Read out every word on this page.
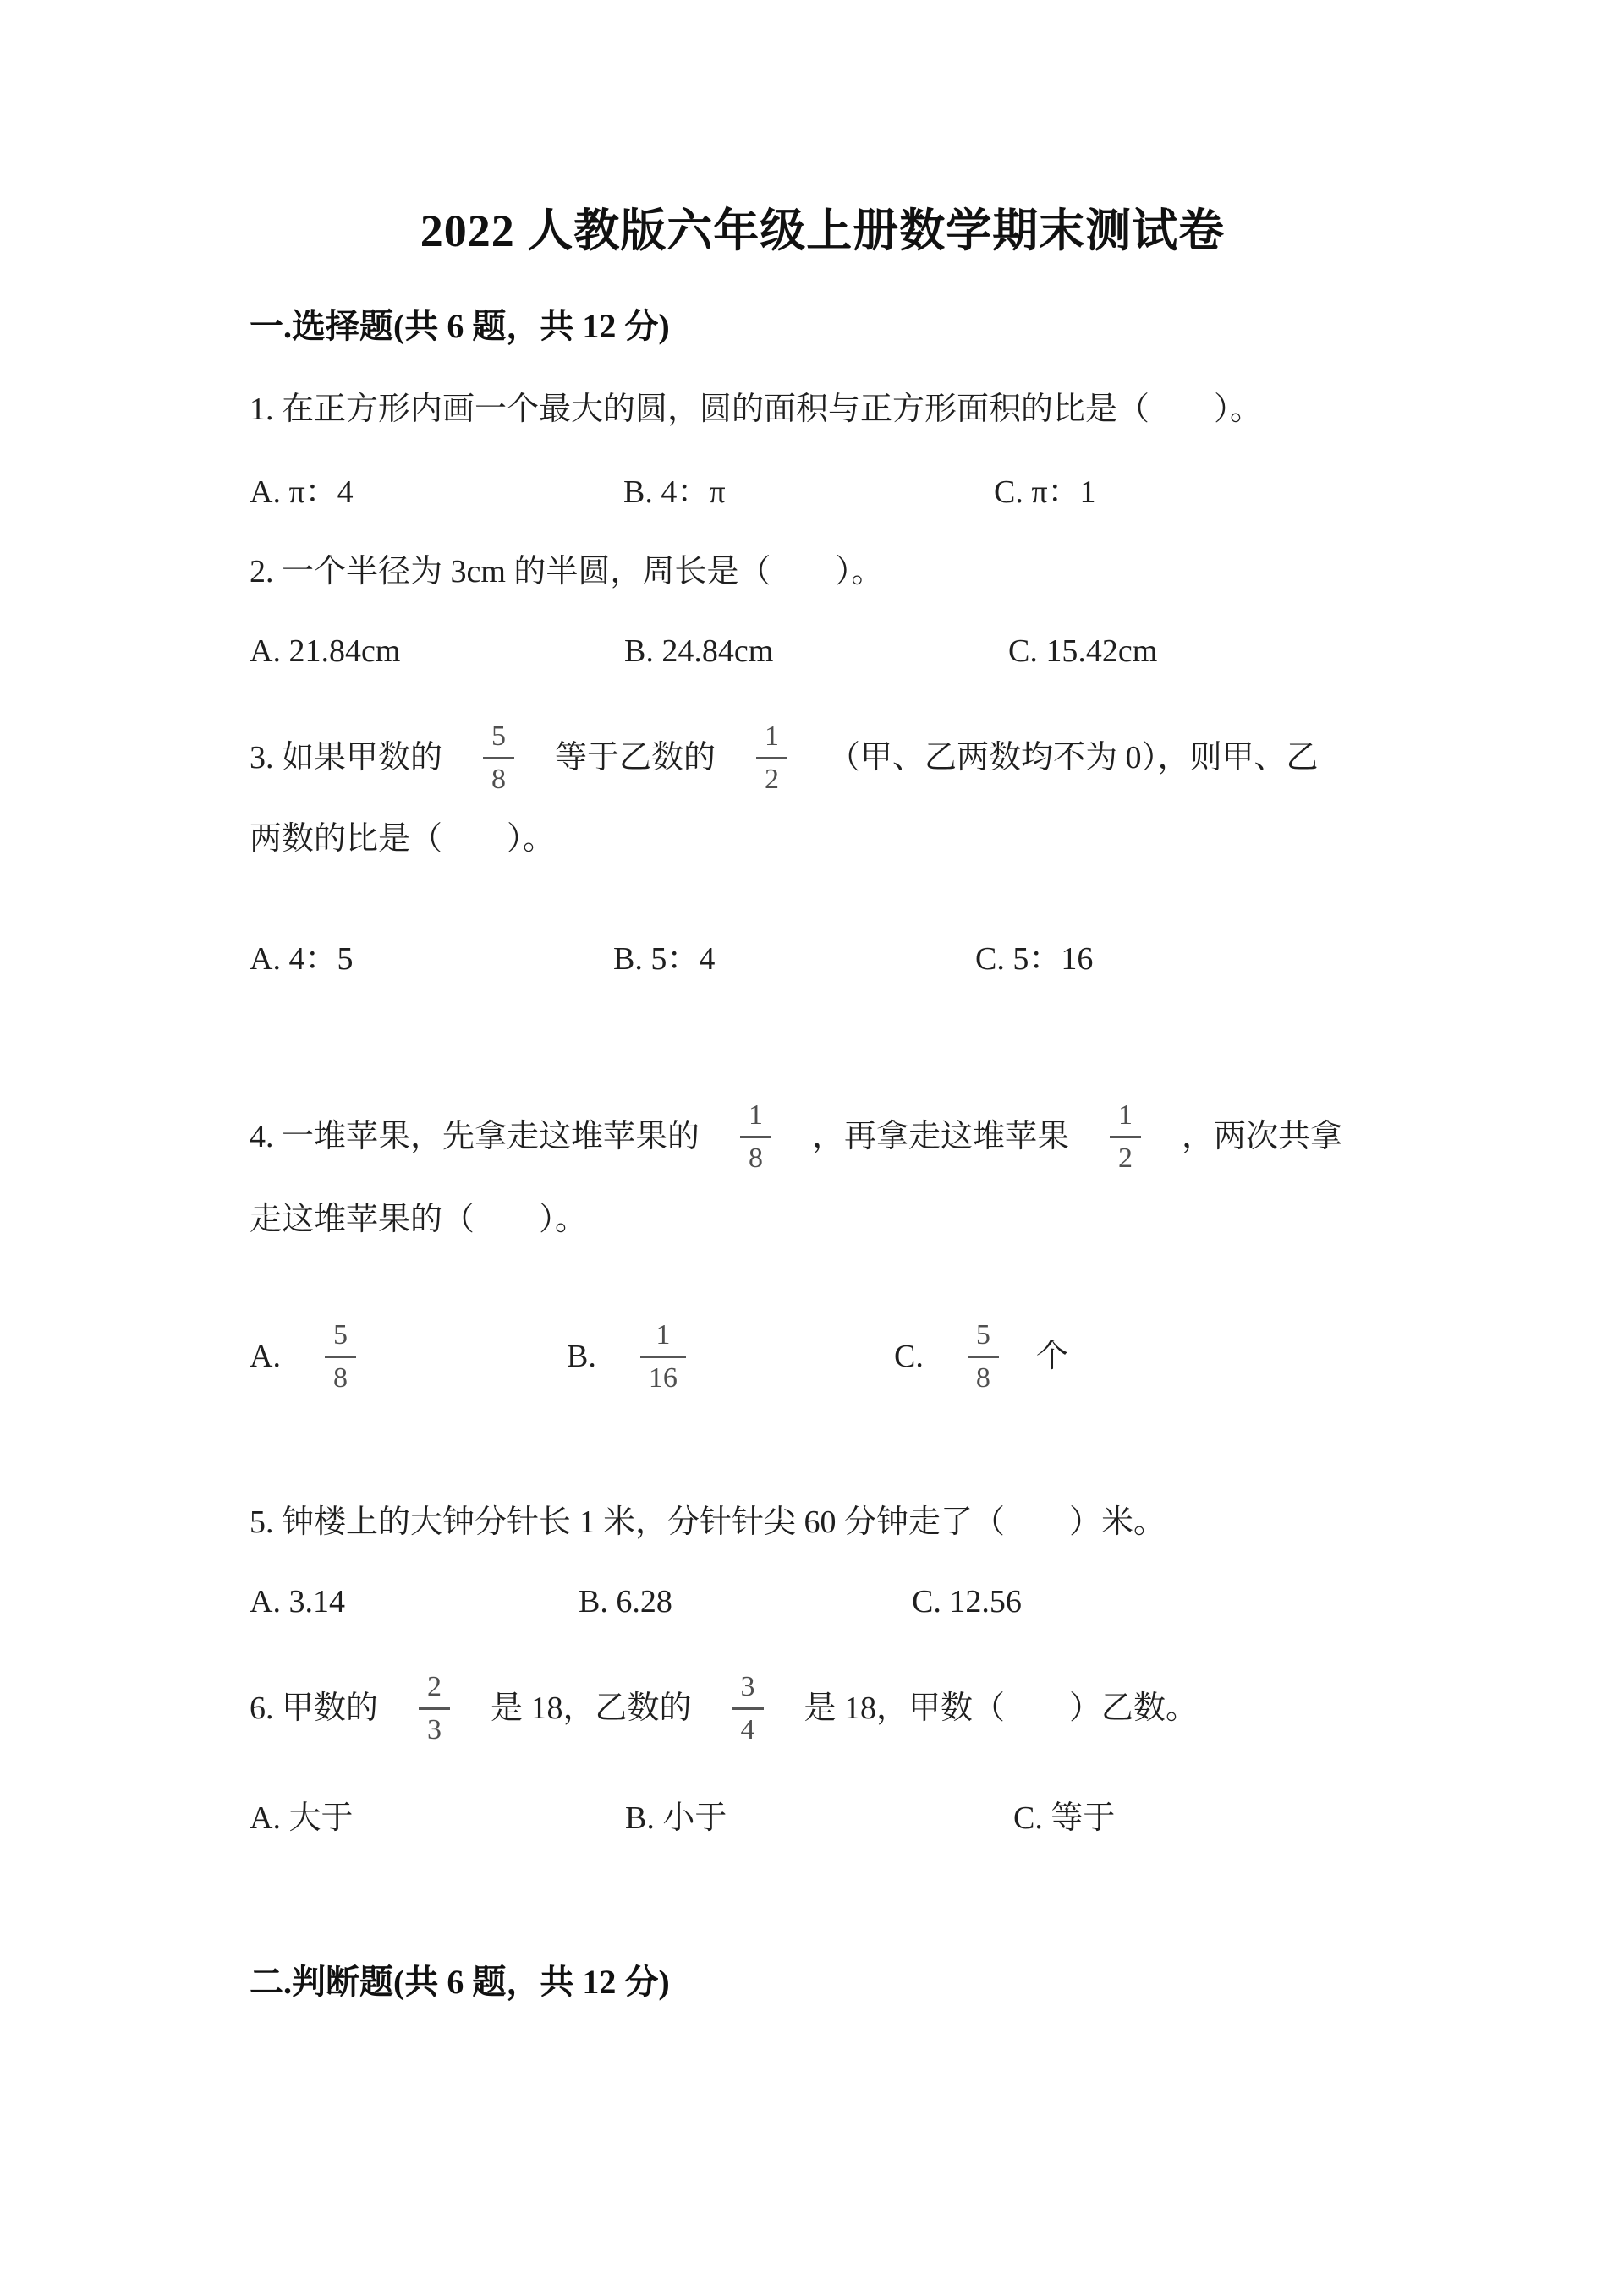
2022 人教版六年级上册数学期末测试卷
一.选择题(共 6 题，共 12 分)
1. 在正方形内画一个最大的圆，圆的面积与正方形面积的比是（　　）。
A. π：4	B. 4：π	C. π：1
2. 一个半径为 3cm 的半圆，周长是（　　）。
A. 21.84cm	B. 24.84cm	C. 15.42cm
3. 如果甲数的 $\frac{5}{8}$ 等于乙数的 $\frac{1}{2}$ （甲、乙两数均不为 0），则甲、乙
两数的比是（　　）。
A. 4：5	B. 5：4	C. 5：16
4. 一堆苹果，先拿走这堆苹果的 $\frac{1}{8}$ ，再拿走这堆苹果 $\frac{1}{2}$ ，两次共拿
走这堆苹果的（　　）。
A. $\frac{5}{8}$	B. $\frac{1}{16}$	C. $\frac{5}{8}$ 个
5. 钟楼上的大钟分针长 1 米，分针针尖 60 分钟走了（　　）米。
A. 3.14	B. 6.28	C. 12.56
6. 甲数的 $\frac{2}{3}$ 是 18，乙数的 $\frac{3}{4}$ 是 18，甲数（　　）乙数。
A. 大于	B. 小于	C. 等于
二.判断题(共 6 题，共 12 分)
